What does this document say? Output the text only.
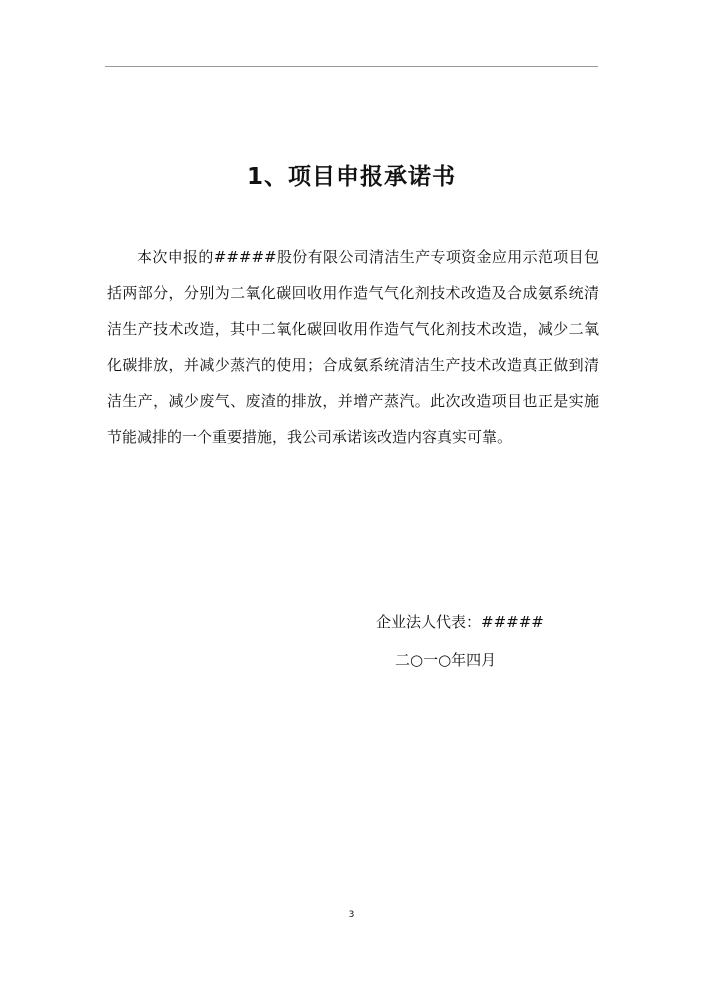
1、项目申报承诺书

本次申报的#####股份有限公司清洁生产专项资金应用示范项目包括两部分，分别为二氧化碳回收用作造气气化剂技术改造及合成氨系统清洁生产技术改造，其中二氧化碳回收用作造气气化剂技术改造，减少二氧化碳排放，并减少蒸汽的使用；合成氨系统清洁生产技术改造真正做到清洁生产，减少废气、废渣的排放，并增产蒸汽。此次改造项目也正是实施节能减排的一个重要措施，我公司承诺该改造内容真实可靠。

企业法人代表：#####

二○一○年四月

3
